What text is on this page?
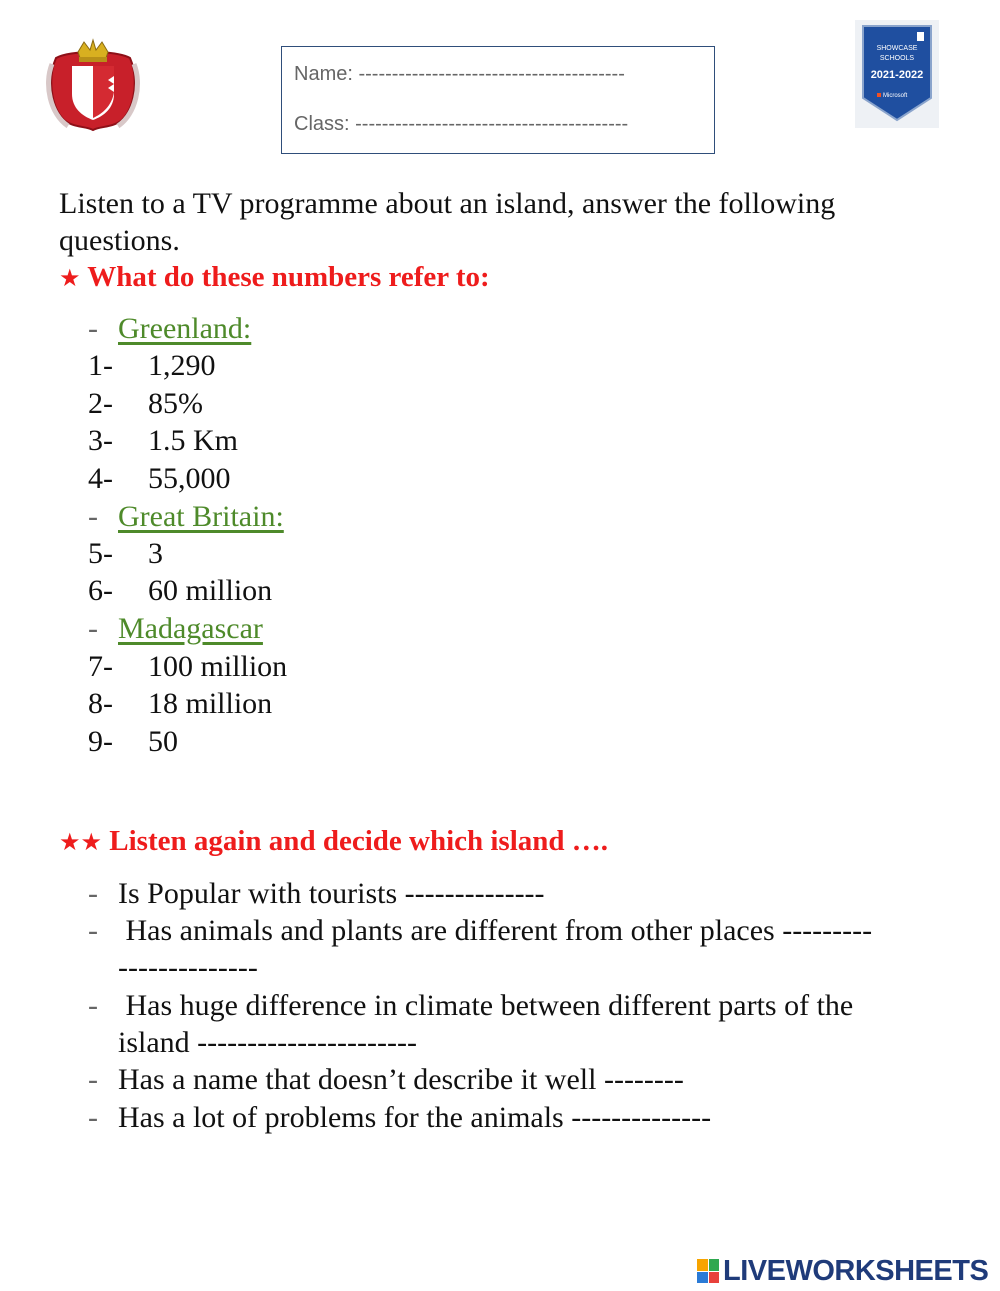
Name: ----------------------------------------
Class: -----------------------------------------
SHOWCASE
SCHOOLS
2021-2022
Microsoft
Listen to a TV programme about an island, answer the following questions.
★ What do these numbers refer to:
- Greenland:
1- 1,290
2- 85%
3- 1.5 Km
4- 55,000
- Great Britain:
5- 3
6- 60 million
- Madagascar
7- 100 million
8- 18 million
9- 50
★★ Listen again and decide which island ….
- Is Popular with tourists --------------
- Has animals and plants are different from other places ---------
--------------
- Has huge difference in climate between different parts of the
island ----------------------
- Has a name that doesn’t describe it well --------
- Has a lot of problems for the animals --------------
LIVEWORKSHEETS
